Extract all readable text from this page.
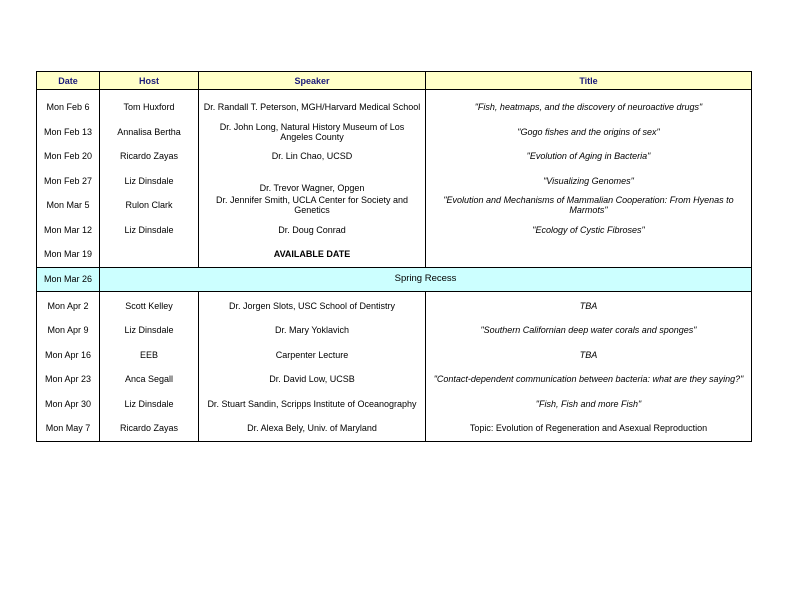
Date	Host	Speaker	Title
Mon Feb 6	Tom Huxford	Dr. Randall T. Peterson, MGH/Harvard Medical School	"Fish, heatmaps, and the discovery of neuroactive drugs"
Mon Feb 13	Annalisa Bertha	Dr. John Long, Natural History Museum of Los Angeles County	"Gogo fishes and the origins of sex"
Mon Feb 20	Ricardo Zayas	Dr. Lin Chao, UCSD	"Evolution of Aging in Bacteria"
Mon Feb 27	Liz Dinsdale	Dr. Trevor Wagner, Opgen	"Visualizing Genomes"
Mon Mar 5	Rulon Clark	Dr. Jennifer Smith, UCLA Center for Society and Genetics	"Evolution and Mechanisms of Mammalian Cooperation: From Hyenas to Marmots"
Mon Mar 12	Liz Dinsdale	Dr. Doug Conrad	"Ecology of Cystic Fibroses"
Mon Mar 19		AVAILABLE DATE	
Mon Mar 26	Spring Recess		
Mon Apr 2	Scott Kelley	Dr. Jorgen Slots, USC School of Dentistry	TBA
Mon Apr 9	Liz Dinsdale	Dr. Mary Yoklavich	"Southern Californian deep water corals and sponges"
Mon Apr 16	EEB	Carpenter Lecture	TBA
Mon Apr 23	Anca Segall	Dr. David Low, UCSB	"Contact-dependent communication between bacteria: what are they saying?"
Mon Apr 30	Liz Dinsdale	Dr. Stuart Sandin, Scripps Institute of Oceanography	"Fish, Fish and more Fish"
Mon May 7	Ricardo Zayas	Dr. Alexa Bely, Univ. of Maryland	Topic: Evolution of Regeneration and Asexual Reproduction
